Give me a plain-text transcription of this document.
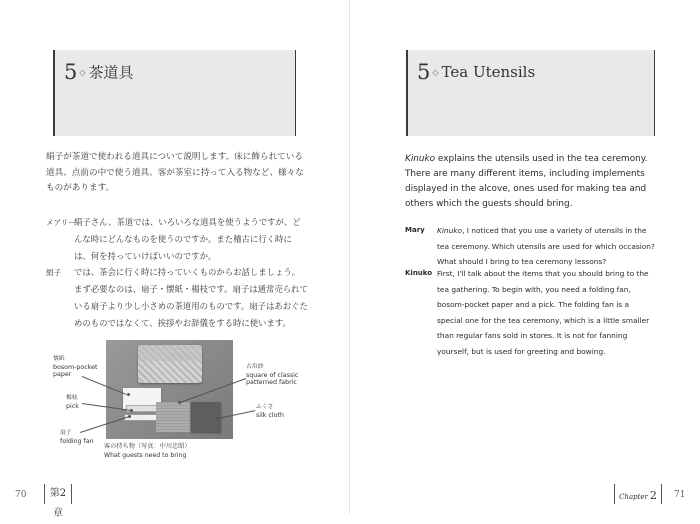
5 ◇ 茶道具
絹子が茶道で使われる道具について説明します。床に飾られている道具、点前の中で使う道具、客が茶室に持って入る物など、様々なものがあります。
メアリー
絹子さん、茶道では、いろいろな道具を使うようですが、どんな時にどんなものを使うのですか。また稽古に行く時には、何を持っていけばいいのですか。
絹子 では、茶会に行く時に持っていくものからお話しましょう。まず必要なのは、扇子・懐紙・楊枝です。扇子は通常売られている扇子より少し小さめの茶道用のものです。扇子はあおぐためのものではなくて、挨拶やお辞儀をする時に使います。
懐紙
bosom-pocket
paper
楊枝
pick
扇子
folding fan
古帛紗
square of classic
patterned fabric
ふくさ
silk cloth
客の持ち物（写真：中川忠昭）
What guests need to bring
70	第2章
5 ◇ Tea Utensils
Kinuko explains the utensils used in the tea ceremony. There are many different items, including implements displayed in the alcove, ones used for making tea and others which the guests should bring.
Mary Kinuko, I noticed that you use a variety of utensils in the tea ceremony. Which utensils are used for which occasion? What should I bring to tea ceremony lessons?
Kinuko First, I'll talk about the items that you should bring to the tea gathering. To begin with, you need a folding fan, bosom-pocket paper and a pick. The folding fan is a special one for the tea ceremony, which is a little smaller than regular fans sold in stores. It is not for fanning yourself, but is used for greeting and bowing.
Chapter 2	71
